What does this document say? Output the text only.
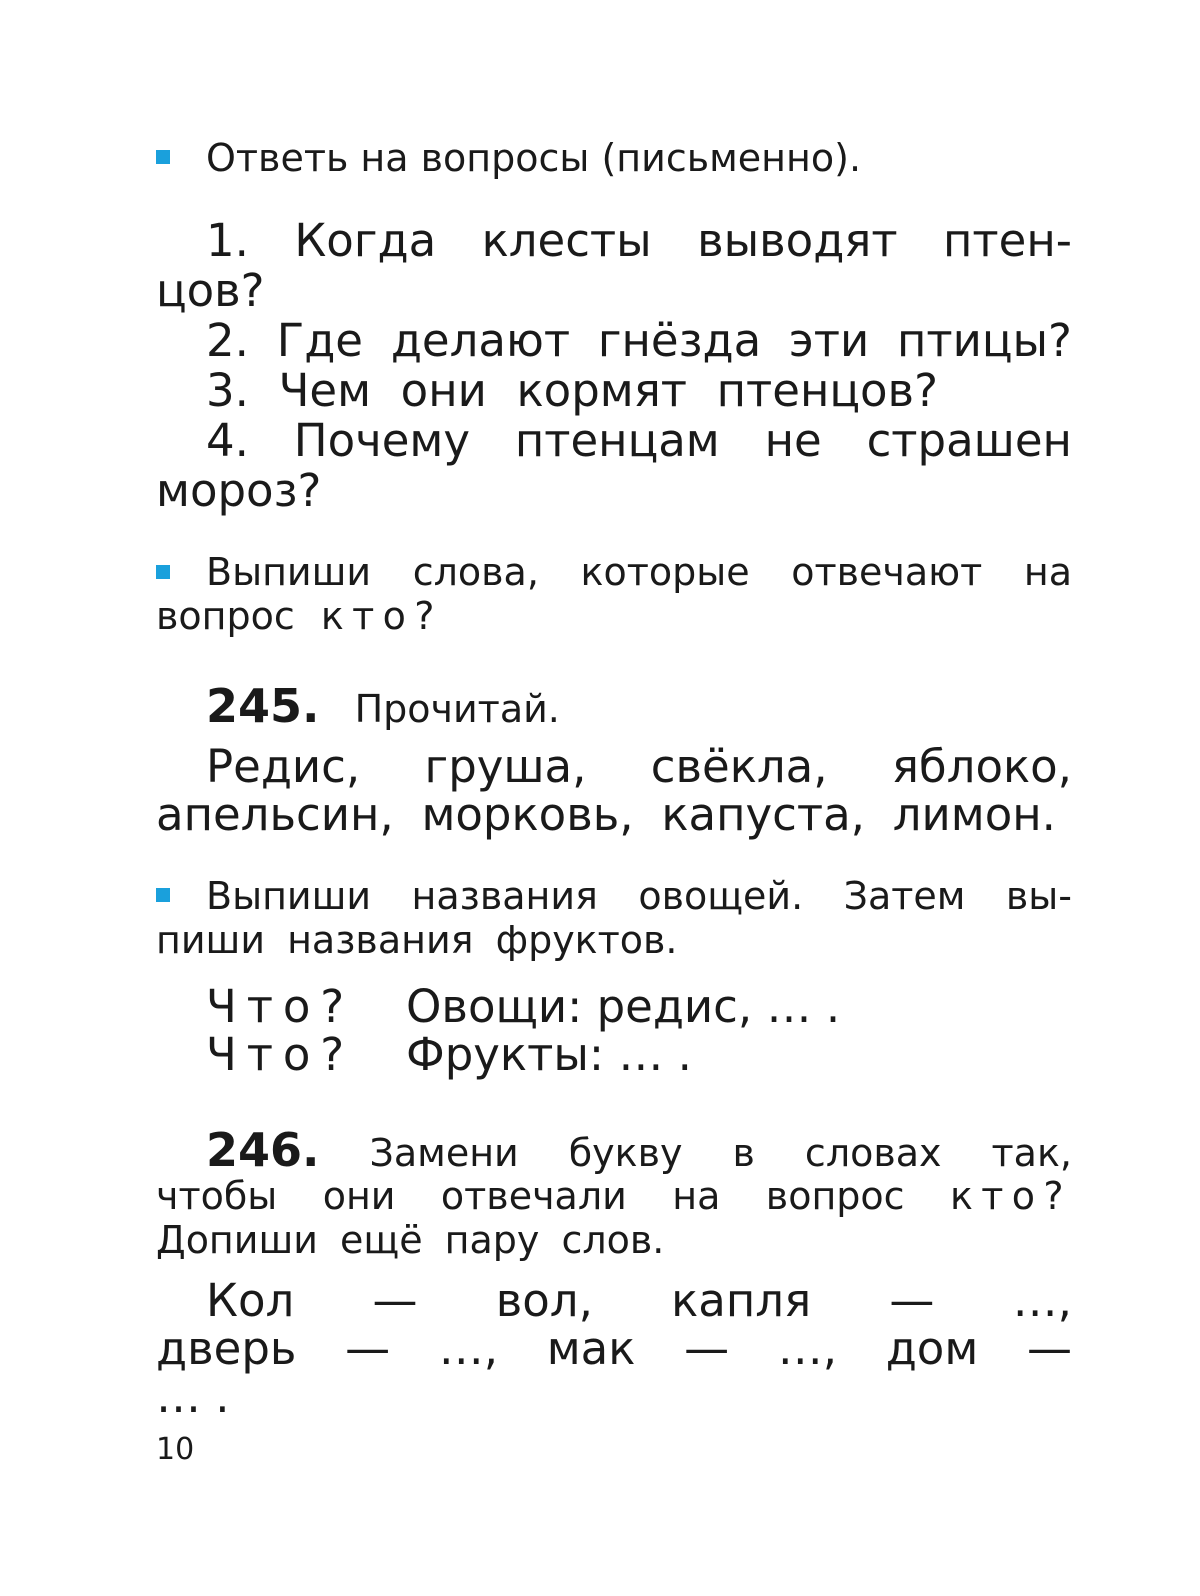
Ответь на вопросы (письменно).
1. Когда клесты выводят птен-
цов?
2. Где делают гнёзда эти птицы?
3. Чем они кормят птенцов?
4. Почему птенцам не страшен
мороз?
Выпиши слова, которые отвечают на
вопрос кто?
245. Прочитай.
Редис, груша, свёкла, яблоко,
апельсин, морковь, капуста, лимон.
Выпиши названия овощей. Затем вы-
пиши названия фруктов.
Что? Овощи: редис, … .
Что? Фрукты: … .
246. Замени букву в словах так,
чтобы они отвечали на вопрос кто?
Допиши ещё пару слов.
Кол — вол, капля — …,
дверь — …, мак — …, дом —
… .
10
